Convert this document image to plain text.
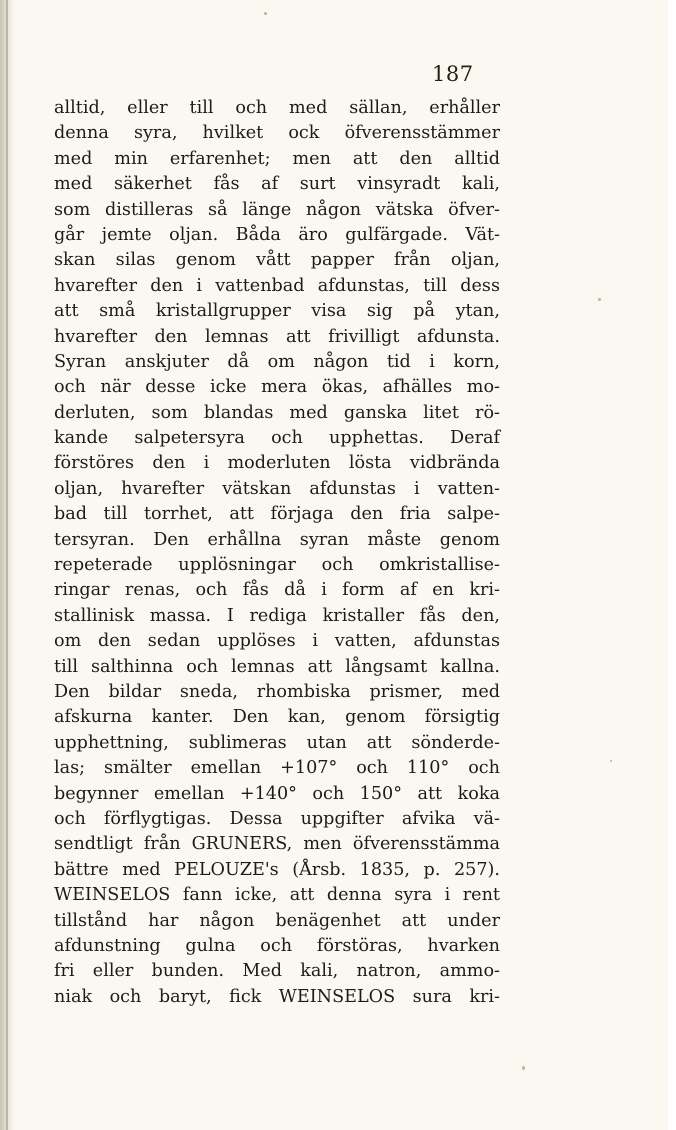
187
alltid, eller till och med sällan, erhåller
denna syra, hvilket ock öfverensstämmer
med min erfarenhet; men att den alltid
med säkerhet fås af surt vinsyradt kali,
som distilleras så länge någon vätska öfver-
går jemte oljan. Båda äro gulfärgade. Vät-
skan silas genom vått papper från oljan,
hvarefter den i vattenbad afdunstas, till dess
att små kristallgrupper visa sig på ytan,
hvarefter den lemnas att frivilligt afdunsta.
Syran anskjuter då om någon tid i korn,
och när desse icke mera ökas, afhälles mo-
derluten, som blandas med ganska litet rö-
kande salpetersyra och upphettas. Deraf
förstöres den i moderluten lösta vidbrända
oljan, hvarefter vätskan afdunstas i vatten-
bad till torrhet, att förjaga den fria salpe-
tersyran. Den erhållna syran måste genom
repeterade upplösningar och omkristallise-
ringar renas, och fås då i form af en kri-
stallinisk massa. I rediga kristaller fås den,
om den sedan upplöses i vatten, afdunstas
till salthinna och lemnas att långsamt kallna.
Den bildar sneda, rhombiska prismer, med
afskurna kanter. Den kan, genom försigtig
upphettning, sublimeras utan att sönderde-
las; smälter emellan +107° och 110° och
begynner emellan +140° och 150° att koka
och förflygtigas. Dessa uppgifter afvika vä-
sendtligt från GRUNERS, men öfverensstämma
bättre med PELOUZE's (Årsb. 1835, p. 257).
WEINSELOS fann icke, att denna syra i rent
tillstånd har någon benägenhet att under
afdunstning gulna och förstöras, hvarken
fri eller bunden. Med kali, natron, ammo-
niak och baryt, fick WEINSELOS sura kri-
